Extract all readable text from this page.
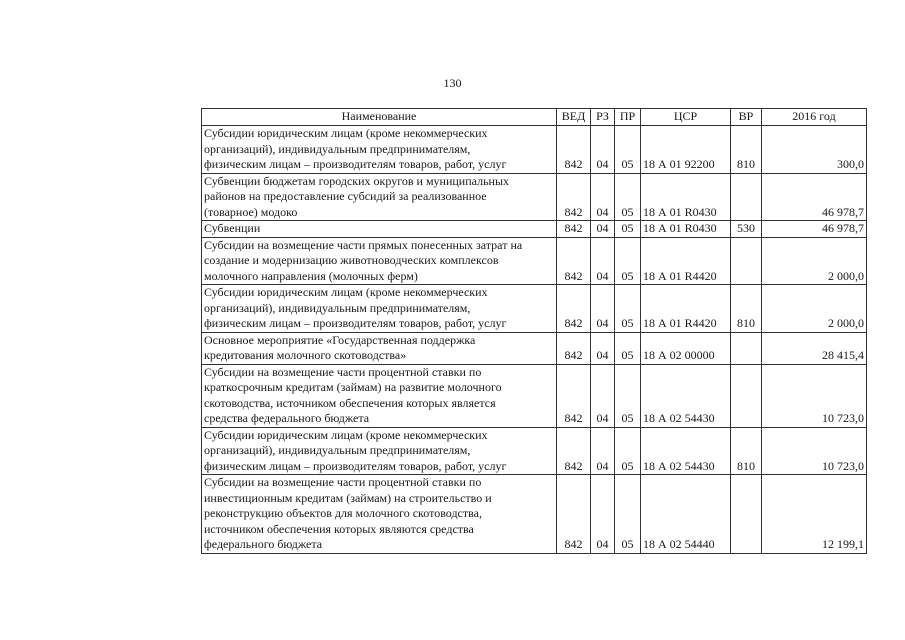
130
Наименование	ВЕД	РЗ	ПР	ЦСР	ВР	2016 год

Субсидии юридическим лицам (кроме некоммерческих
организаций), индивидуальным предпринимателям,
физическим лицам – производителям товаров, работ, услуг	842	04	05	18 А 01 92200	810	300,0

Субвенции бюджетам городских округов и муниципальных
районов на предоставление субсидий за реализованное
(товарное) модоко	842	04	05	18 А 01 R0430		46 978,7

Субвенции	842	04	05	18 А 01 R0430	530	46 978,7

Субсидии на возмещение части прямых понесенных затрат на
создание и модернизацию животноводческих комплексов
молочного направления (молочных ферм)	842	04	05	18 А 01 R4420		2 000,0

Субсидии юридическим лицам (кроме некоммерческих
организаций), индивидуальным предпринимателям,
физическим лицам – производителям товаров, работ, услуг	842	04	05	18 А 01 R4420	810	2 000,0

Основное мероприятие «Государственная поддержка
кредитования молочного скотоводства»	842	04	05	18 А 02 00000		28 415,4

Субсидии на возмещение части процентной ставки по
краткосрочным кредитам (займам) на развитие молочного
скотоводства, источником обеспечения которых является
средства федерального бюджета	842	04	05	18 А 02 54430		10 723,0

Субсидии юридическим лицам (кроме некоммерческих
организаций), индивидуальным предпринимателям,
физическим лицам – производителям товаров, работ, услуг	842	04	05	18 А 02 54430	810	10 723,0

Субсидии на возмещение части процентной ставки по
инвестиционным кредитам (займам) на строительство и
реконструкцию объектов для молочного скотоводства,
источником обеспечения которых являются средства
федерального бюджета	842	04	05	18 А 02 54440		12 199,1
